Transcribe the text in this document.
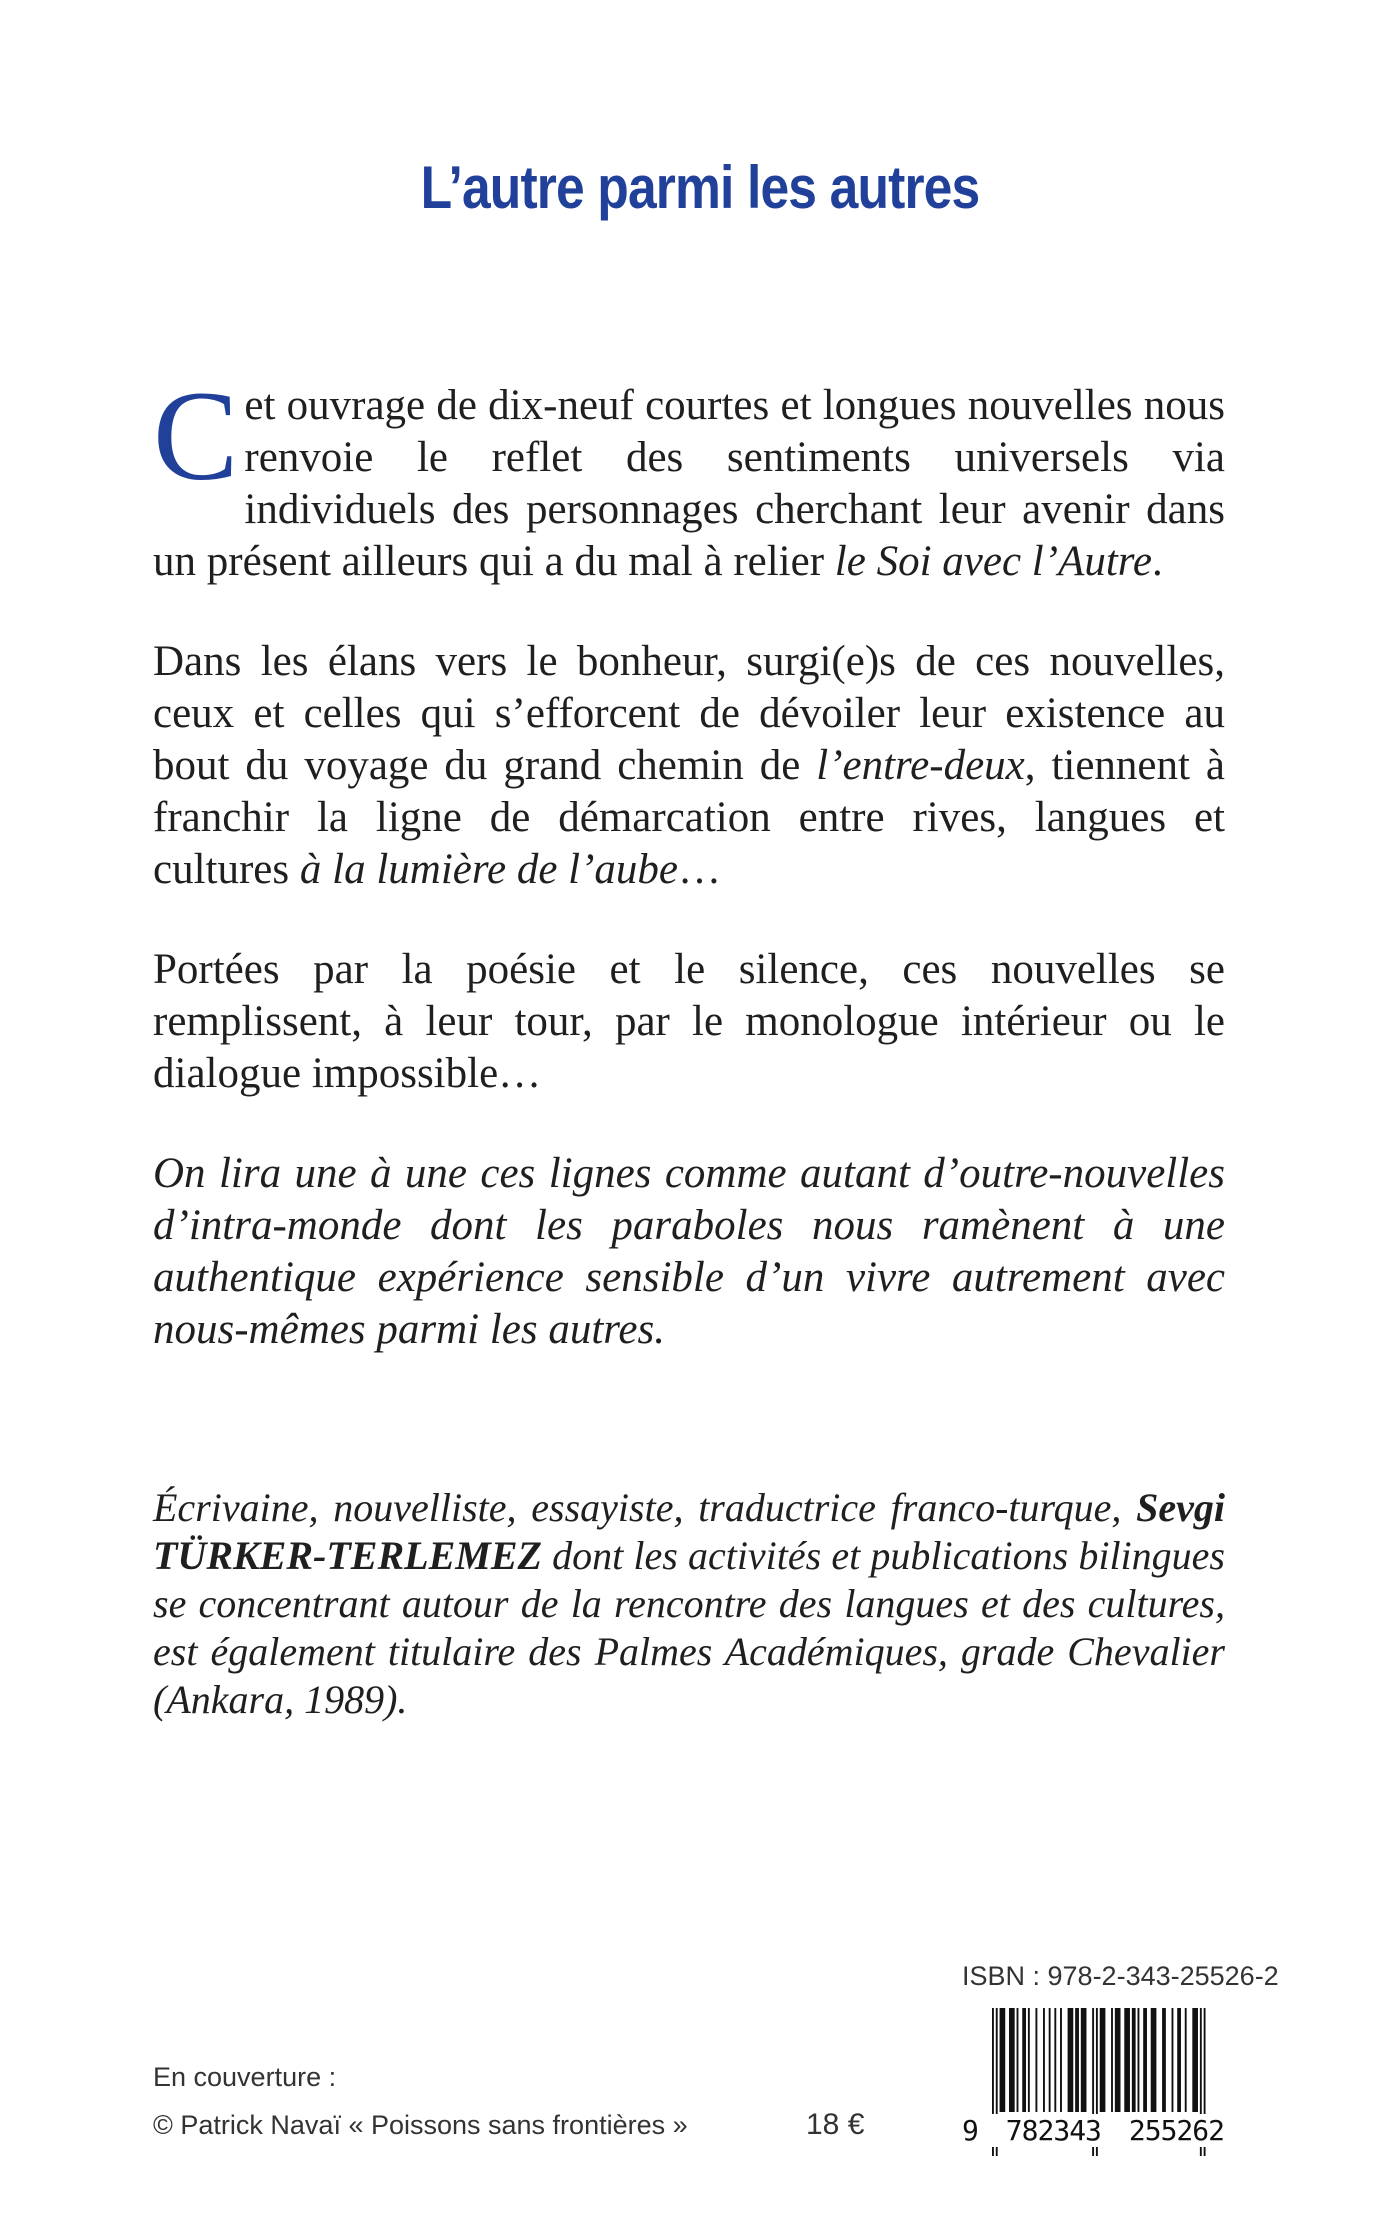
L’autre parmi les autres

Cet ouvrage de dix-neuf courtes et longues nouvelles nous renvoie le reflet des sentiments universels via individuels des personnages cherchant leur avenir dans un présent ailleurs qui a du mal à relier le Soi avec l’Autre.

Dans les élans vers le bonheur, surgi(e)s de ces nouvelles, ceux et celles qui s’efforcent de dévoiler leur existence au bout du voyage du grand chemin de l’entre-deux, tiennent à franchir la ligne de démarcation entre rives, langues et cultures à la lumière de l’aube…

Portées par la poésie et le silence, ces nouvelles se remplissent, à leur tour, par le monologue intérieur ou le dialogue impossible…

On lira une à une ces lignes comme autant d’outre-nouvelles d’intra-monde dont les paraboles nous ramènent à une authentique expérience sensible d’un vivre autrement avec nous-mêmes parmi les autres.

Écrivaine, nouvelliste, essayiste, traductrice franco-turque, Sevgi TÜRKER-TERLEMEZ dont les activités et publications bilingues se concentrant autour de la rencontre des langues et des cultures, est également titulaire des Palmes Académiques, grade Chevalier (Ankara, 1989).

ISBN : 978-2-343-25526-2
9 782343 255262
En couverture :
© Patrick Navaï « Poissons sans frontières »	18 €
